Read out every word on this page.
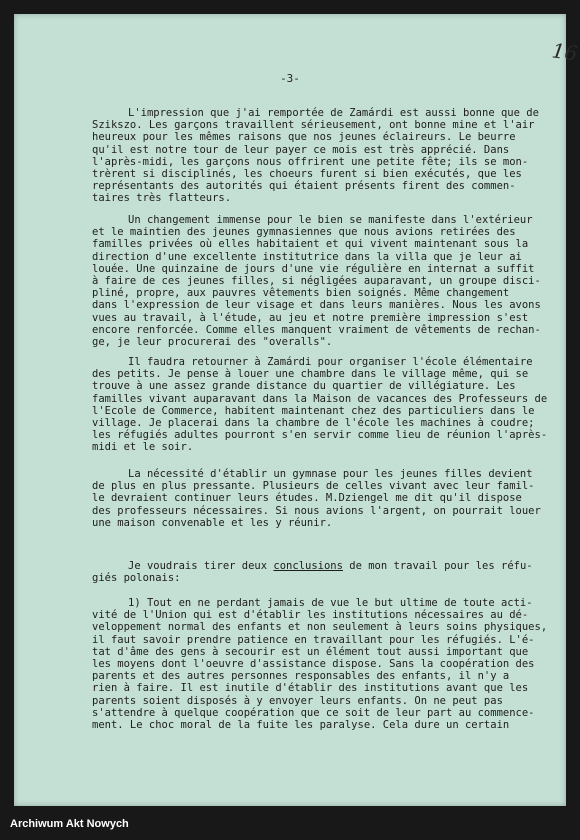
16
-3-
L'impression que j'ai remportée de Zamárdi est aussi bonne que de
Szikszo. Les garçons travaillent sérieusement, ont bonne mine et l'air
heureux pour les mêmes raisons que nos jeunes éclaireurs. Le beurre
qu'il est notre tour de leur payer ce mois est très apprécié. Dans
l'après-midi, les garçons nous offrirent une petite fête; ils se mon-
trèrent si disciplinés, les choeurs furent si bien exécutés, que les
représentants des autorités qui étaient présents firent des commen-
taires très flatteurs.
Un changement immense pour le bien se manifeste dans l'extérieur
et le maintien des jeunes gymnasiennes que nous avions retirées des
familles privées où elles habitaient et qui vivent maintenant sous la
direction d'une excellente institutrice dans la villa que je leur ai
louée. Une quinzaine de jours d'une vie régulière en internat a suffit
à faire de ces jeunes filles, si négligées auparavant, un groupe disci-
pliné, propre, aux pauvres vêtements bien soignés. Même changement
dans l'expression de leur visage et dans leurs manières. Nous les avons
vues au travail, à l'étude, au jeu et notre première impression s'est
encore renforcée. Comme elles manquent vraiment de vêtements de rechan-
ge, je leur procurerai des "overalls".
Il faudra retourner à Zamárdi pour organiser l'école élémentaire
des petits. Je pense à louer une chambre dans le village même, qui se
trouve à une assez grande distance du quartier de villégiature. Les
familles vivant auparavant dans la Maison de vacances des Professeurs de
l'Ecole de Commerce, habitent maintenant chez des particuliers dans le
village. Je placerai dans la chambre de l'école les machines à coudre;
les réfugiés adultes pourront s'en servir comme lieu de réunion l'après-
midi et le soir.
La nécessité d'établir un gymnase pour les jeunes filles devient
de plus en plus pressante. Plusieurs de celles vivant avec leur famil-
le devraient continuer leurs études. M.Dziengel me dit qu'il dispose
des professeurs nécessaires. Si nous avions l'argent, on pourrait louer
une maison convenable et les y réunir.
Je voudrais tirer deux conclusions de mon travail pour les réfu-
giés polonais:
1) Tout en ne perdant jamais de vue le but ultime de toute acti-
vité de l'Union qui est d'établir les institutions nécessaires au dé-
veloppement normal des enfants et non seulement à leurs soins physiques,
il faut savoir prendre patience en travaillant pour les réfugiés. L'é-
tat d'âme des gens à secourir est un élément tout aussi important que
les moyens dont l'oeuvre d'assistance dispose. Sans la coopération des
parents et des autres personnes responsables des enfants, il n'y a
rien à faire. Il est inutile d'établir des institutions avant que les
parents soient disposés à y envoyer leurs enfants. On ne peut pas
s'attendre à quelque coopération que ce soit de leur part au commence-
ment. Le choc moral de la fuite les paralyse. Cela dure un certain
Archiwum Akt Nowych
